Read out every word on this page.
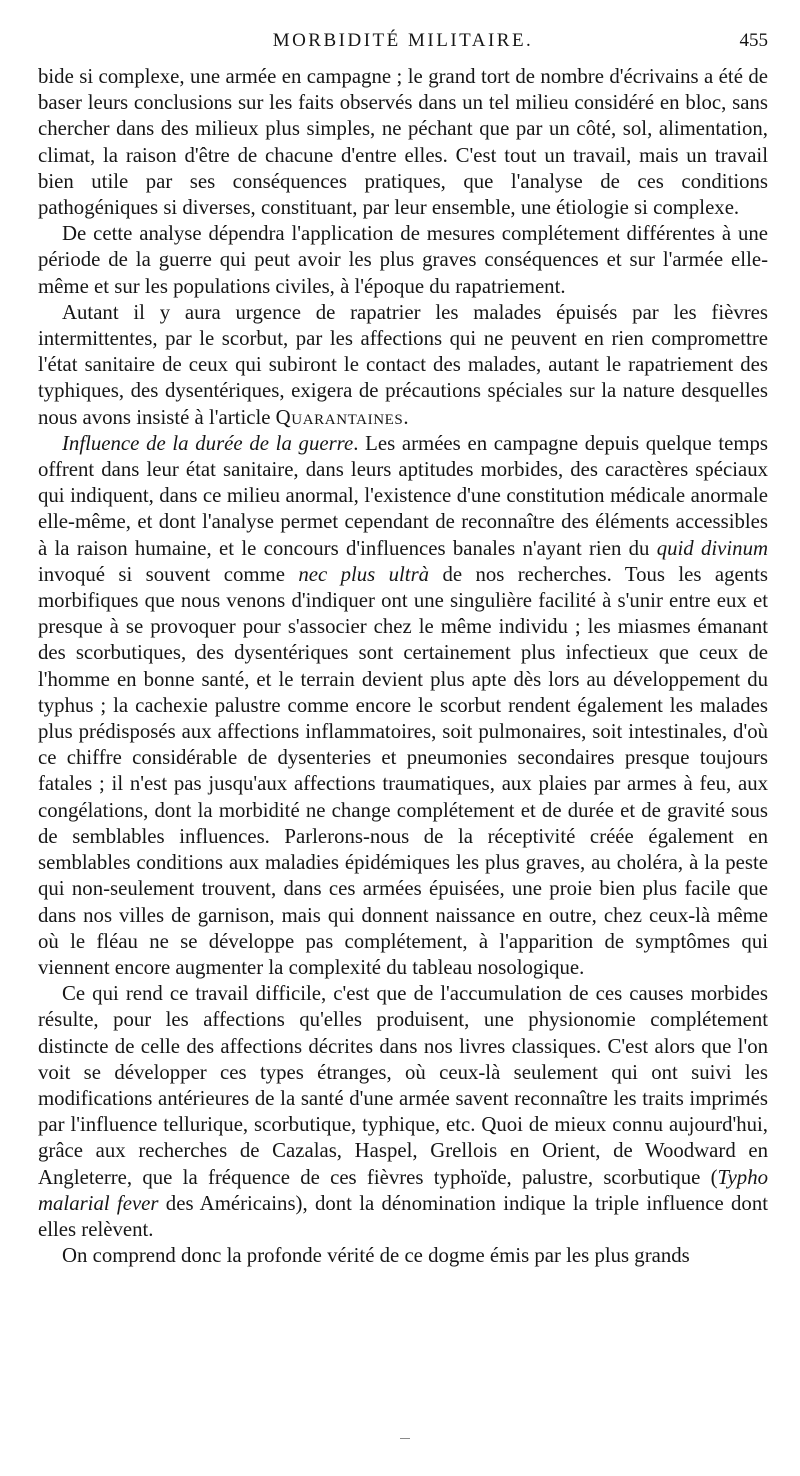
MORBIDITÉ MILITAIRE.	455

bide si complexe, une armée en campagne ; le grand tort de nombre d'écrivains a été de baser leurs conclusions sur les faits observés dans un tel milieu considéré en bloc, sans chercher dans des milieux plus simples, ne péchant que par un côté, sol, alimentation, climat, la raison d'être de chacune d'entre elles. C'est tout un travail, mais un travail bien utile par ses conséquences pratiques, que l'analyse de ces conditions pathogéniques si diverses, constituant, par leur ensemble, une étiologie si complexe.

De cette analyse dépendra l'application de mesures complétement différentes à une période de la guerre qui peut avoir les plus graves conséquences et sur l'armée elle-même et sur les populations civiles, à l'époque du rapatriement.

Autant il y aura urgence de rapatrier les malades épuisés par les fièvres intermittentes, par le scorbut, par les affections qui ne peuvent en rien compromettre l'état sanitaire de ceux qui subiront le contact des malades, autant le rapatriement des typhiques, des dysentériques, exigera de précautions spéciales sur la nature desquelles nous avons insisté à l'article Quarantaines.

Influence de la durée de la guerre. Les armées en campagne depuis quelque temps offrent dans leur état sanitaire, dans leurs aptitudes morbides, des caractères spéciaux qui indiquent, dans ce milieu anormal, l'existence d'une constitution médicale anormale elle-même, et dont l'analyse permet cependant de reconnaître des éléments accessibles à la raison humaine, et le concours d'influences banales n'ayant rien du quid divinum invoqué si souvent comme nec plus ultrà de nos recherches. Tous les agents morbifiques que nous venons d'indiquer ont une singulière facilité à s'unir entre eux et presque à se provoquer pour s'associer chez le même individu ; les miasmes émanant des scorbutiques, des dysentériques sont certainement plus infectieux que ceux de l'homme en bonne santé, et le terrain devient plus apte dès lors au développement du typhus ; la cachexie palustre comme encore le scorbut rendent également les malades plus prédisposés aux affections inflammatoires, soit pulmonaires, soit intestinales, d'où ce chiffre considérable de dysenteries et pneumonies secondaires presque toujours fatales ; il n'est pas jusqu'aux affections traumatiques, aux plaies par armes à feu, aux congélations, dont la morbidité ne change complétement et de durée et de gravité sous de semblables influences. Parlerons-nous de la réceptivité créée également en semblables conditions aux maladies épidémiques les plus graves, au choléra, à la peste qui non-seulement trouvent, dans ces armées épuisées, une proie bien plus facile que dans nos villes de garnison, mais qui donnent naissance en outre, chez ceux-là même où le fléau ne se développe pas complétement, à l'apparition de symptômes qui viennent encore augmenter la complexité du tableau nosologique.

Ce qui rend ce travail difficile, c'est que de l'accumulation de ces causes morbides résulte, pour les affections qu'elles produisent, une physionomie complétement distincte de celle des affections décrites dans nos livres classiques. C'est alors que l'on voit se développer ces types étranges, où ceux-là seulement qui ont suivi les modifications antérieures de la santé d'une armée savent reconnaître les traits imprimés par l'influence tellurique, scorbutique, typhique, etc. Quoi de mieux connu aujourd'hui, grâce aux recherches de Cazalas, Haspel, Grellois en Orient, de Woodward en Angleterre, que la fréquence de ces fièvres typhoïde, palustre, scorbutique (Typho malarial fever des Américains), dont la dénomination indique la triple influence dont elles relèvent.

On comprend donc la profonde vérité de ce dogme émis par les plus grands
